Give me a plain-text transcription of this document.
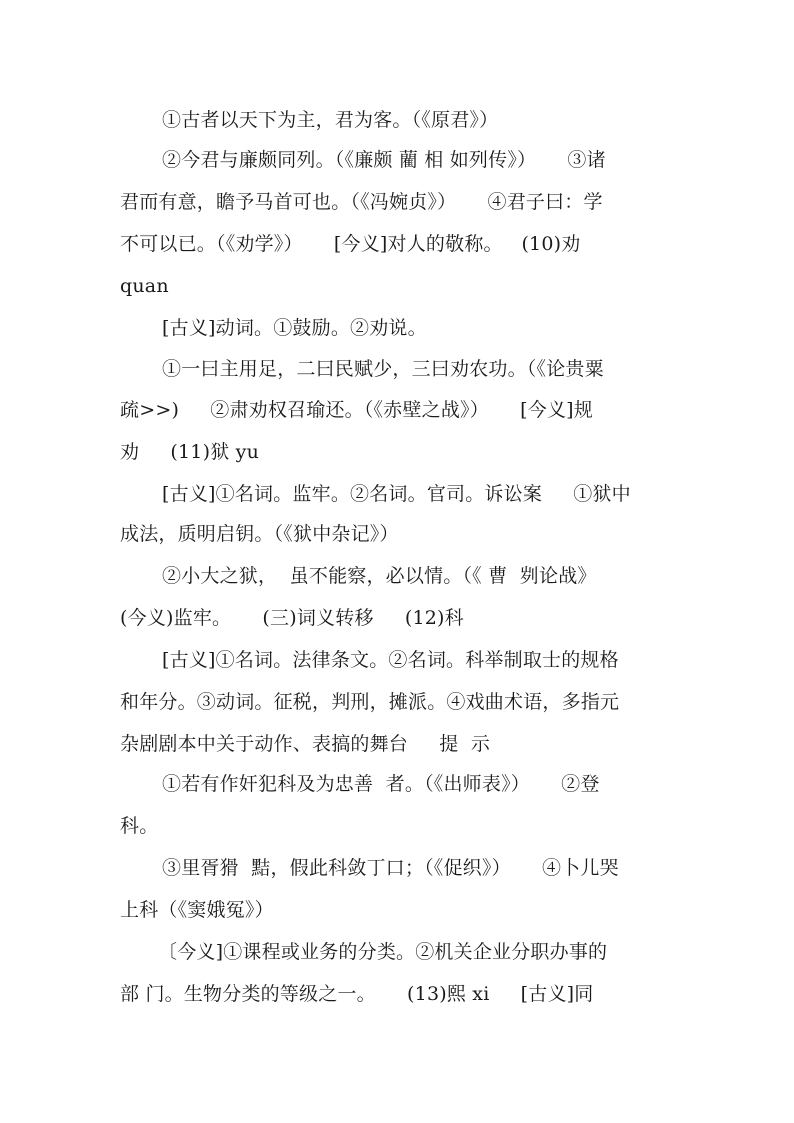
①古者以天下为主，君为客。（《原君》）
②今君与廉颇同列。（《廉颇 藺 相 如列传》）     ③诸
君而有意，瞻予马首可也。（《冯婉贞》）     ④君子曰：学
不可以已。（《劝学》）     [今义]对人的敬称。   (10)劝
quan
[古义]动词。①鼓励。②劝说。
①一曰主用足，二曰民赋少，三曰劝农功。（《论贵粟
疏>>)     ②肃劝权召瑜还。（《赤壁之战》）     [今义]规
劝     (11)狱 yu
[古义]①名词。监牢。②名词。官司。诉讼案     ①狱中
成法，质明启钥。（《狱中杂记》）
②小大之狱，  虽不能察，必以情。（《 曹  刿论战》
(今义)监牢。     (三)词义转移     (12)科
[古义]①名词。法律条文。②名词。科举制取士的规格
和年分。③动词。征税，判刑，摊派。④戏曲术语，多指元
杂剧剧本中关于动作、表搞的舞台     提  示
①若有作奸犯科及为忠善  者。（《出师表》）     ②登
科。
③里胥猾  黠，假此科敛丁口；（《促织》）     ④卜儿哭
上科（《窦娥冤》）
〔今义]①课程或业务的分类。②机关企业分职办事的
部 门。生物分类的等级之一。     (13)熙 xi     [古义]同
